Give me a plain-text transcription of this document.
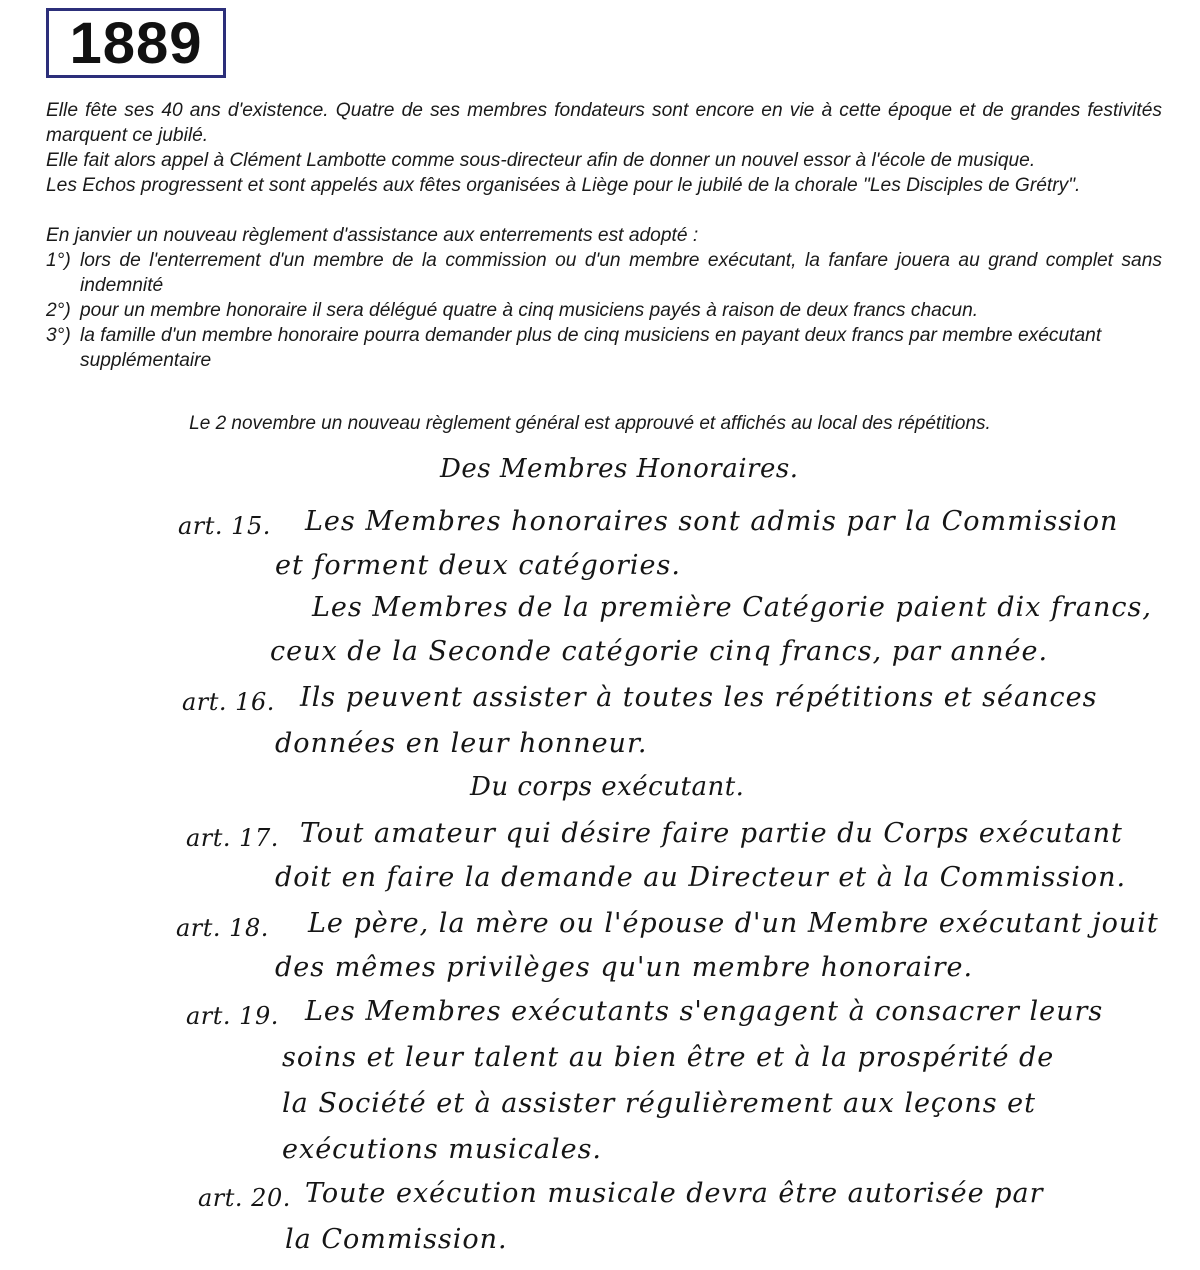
1889

Elle fête ses 40 ans d'existence. Quatre de ses membres fondateurs sont encore en vie à cette époque et de grandes festivités marquent ce jubilé.

Elle fait alors appel à Clément Lambotte comme sous-directeur afin de donner un nouvel essor à l'école de musique.

Les Echos progressent et sont appelés aux fêtes organisées à Liège pour le jubilé de la chorale "Les Disciples de Grétry".

En janvier un nouveau règlement d'assistance aux enterrements est adopté :

1°) lors de l'enterrement d'un membre de la commission ou d'un membre exécutant, la fanfare jouera au grand complet sans indemnité
2°) pour un membre honoraire il sera délégué quatre à cinq musiciens payés à raison de deux francs chacun.
3°) la famille d'un membre honoraire pourra demander plus de cinq musiciens en payant deux francs par membre exécutant supplémentaire
Le 2 novembre un nouveau règlement général est approuvé et affichés au local des répétitions.
Des Membres Honoraires.
art. 15. Les Membres honoraires sont admis par la Commission
et forment deux catégories.
Les Membres de la première Catégorie paient dix francs,
ceux de la Seconde catégorie cinq francs, par année.
art. 16. Ils peuvent assister à toutes les répétitions et séances
données en leur honneur.
Du corps exécutant.
art. 17. Tout amateur qui désire faire partie du Corps exécutant
doit en faire la demande au Directeur et à la Commission.
art. 18. Le père, la mère ou l'épouse d'un Membre exécutant jouit
des mêmes privilèges qu'un membre honoraire.
art. 19. Les Membres exécutants s'engagent à consacrer leurs
soins et leur talent au bien être et à la prospérité de
la Société et à assister régulièrement aux leçons et
exécutions musicales.
art. 20. Toute exécution musicale devra être autorisée par
la Commission.
